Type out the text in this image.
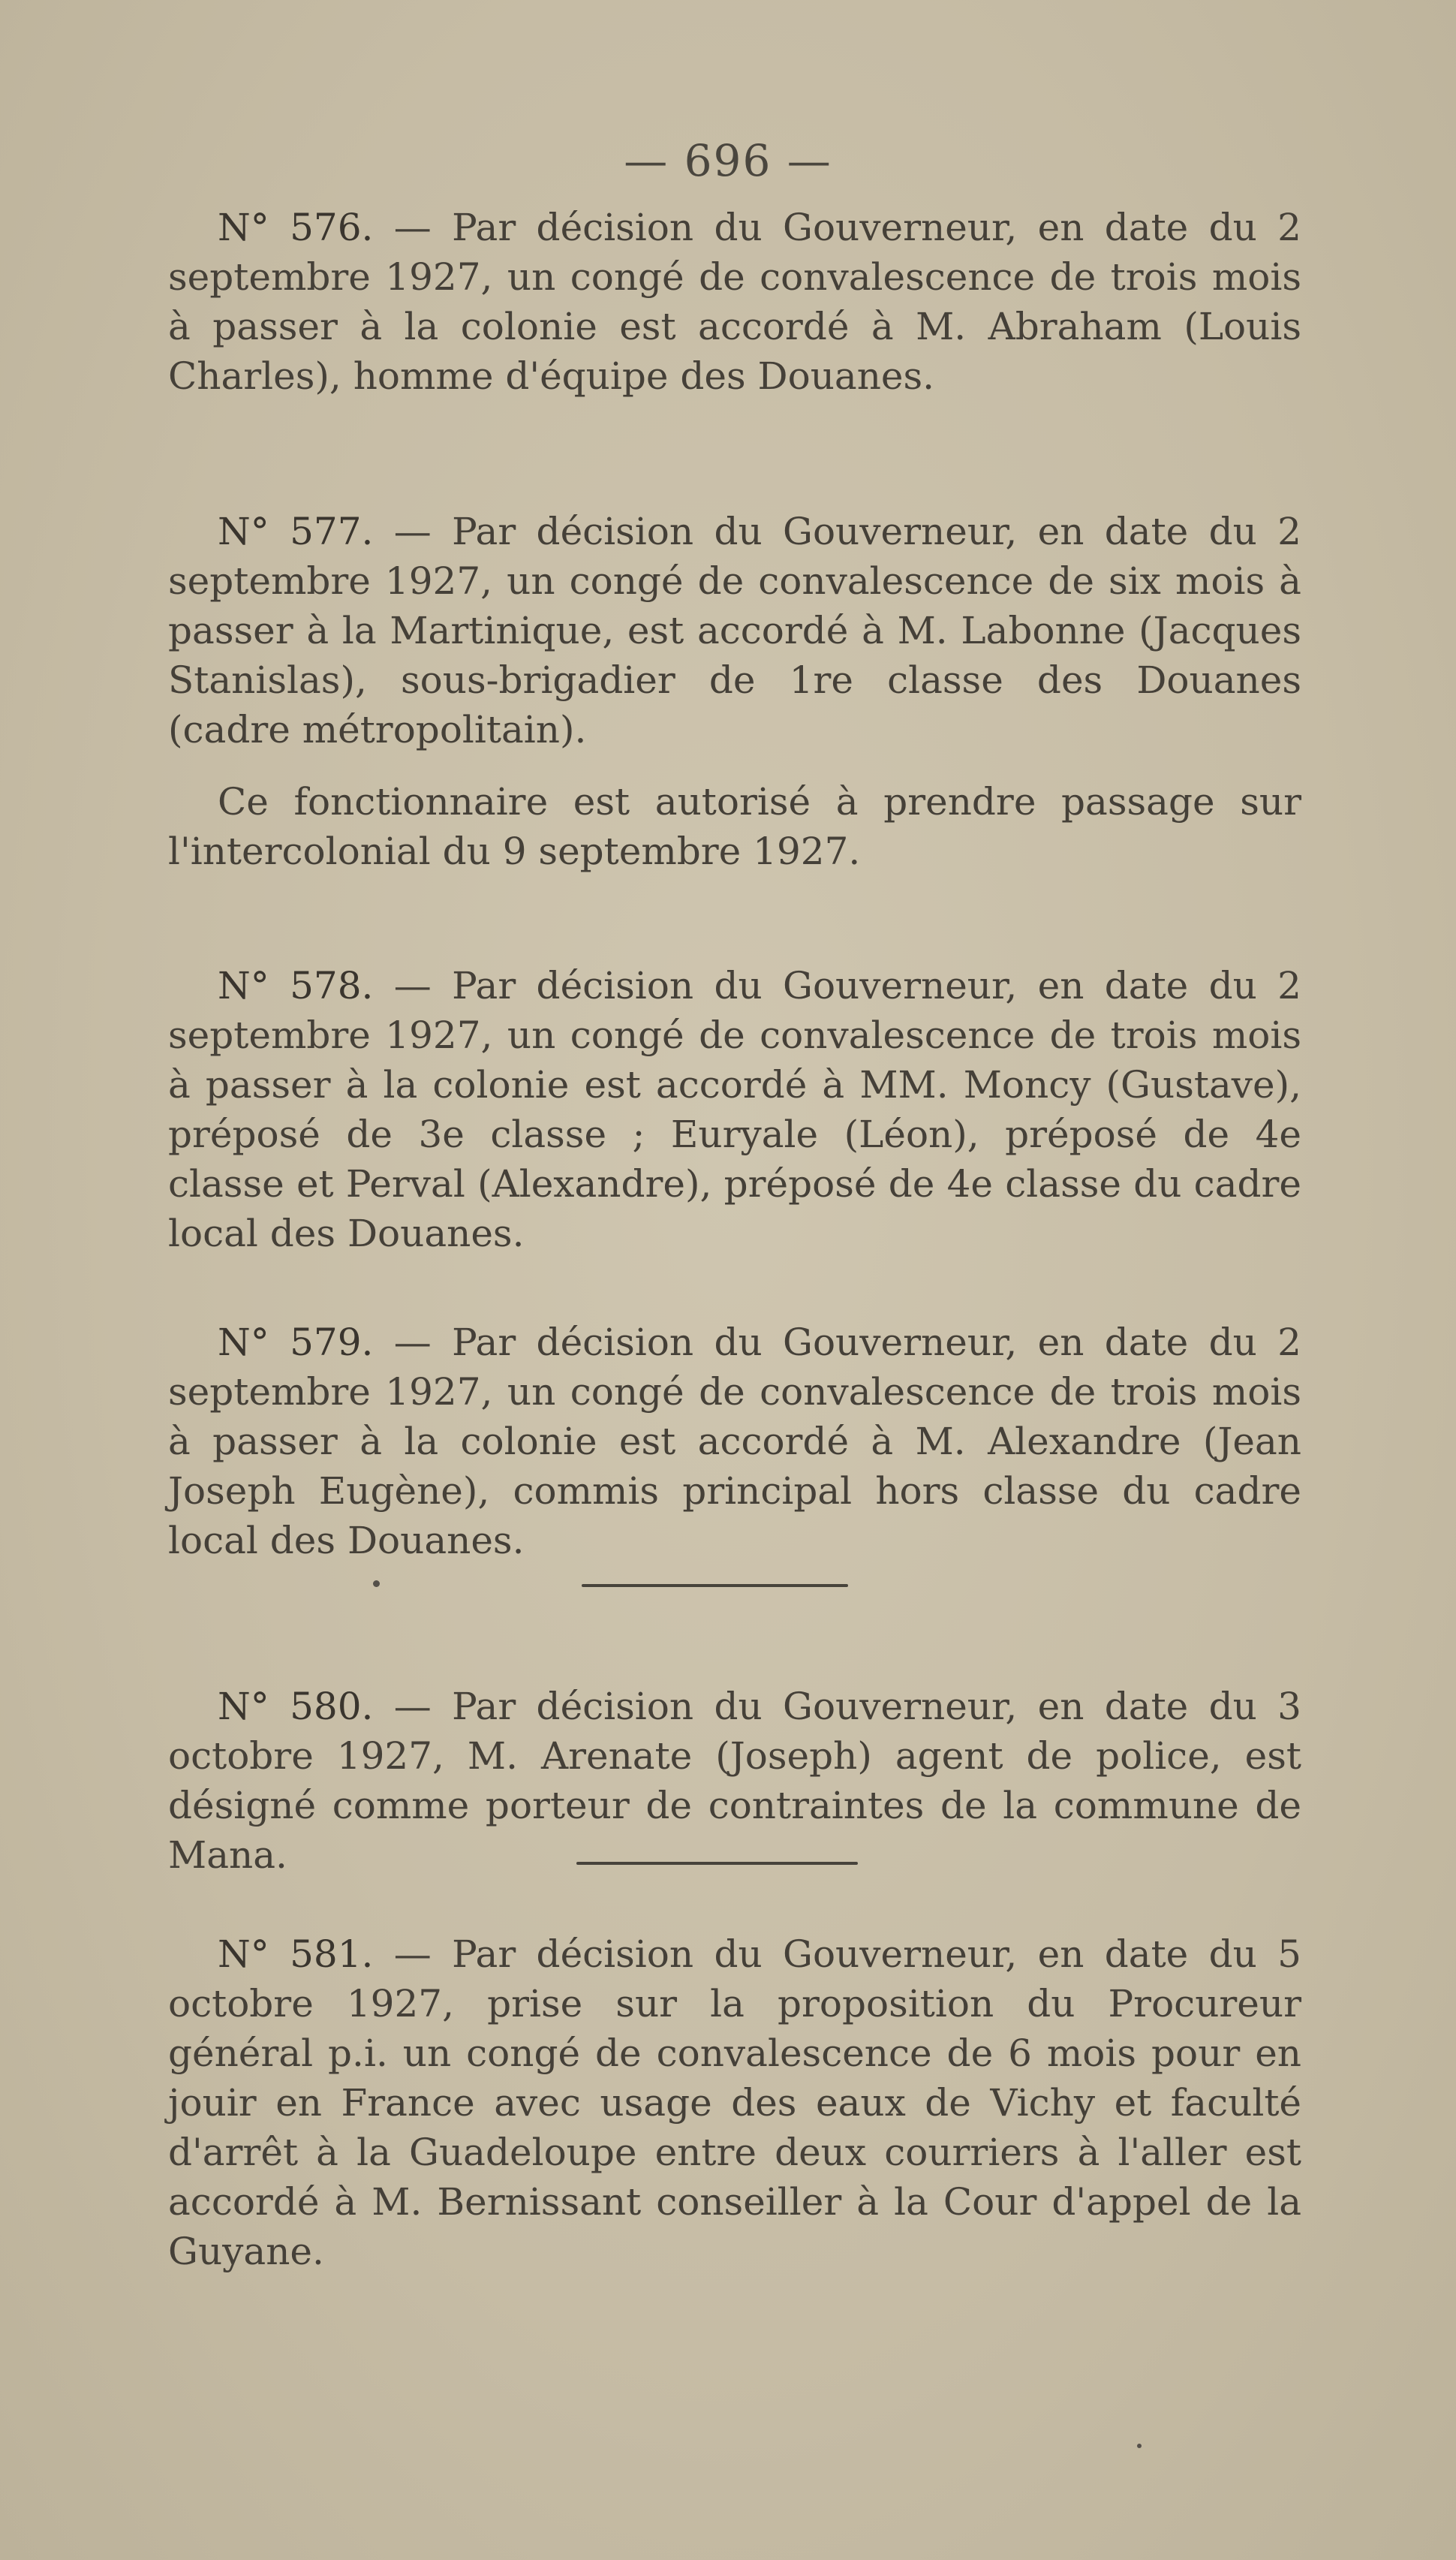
— 696 —

N° 576. — Par décision du Gouverneur, en date du 2 septembre 1927, un congé de convalescence de trois mois à passer à la colonie est accordé à M. Abraham (Louis Charles), homme d'équipe des Douanes.

N° 577. — Par décision du Gouverneur, en date du 2 septembre 1927, un congé de convalescence de six mois à passer à la Martinique, est accordé à M. Labonne (Jacques Stanislas), sous-brigadier de 1re classe des Douanes (cadre métropolitain).

Ce fonctionnaire est autorisé à prendre passage sur l'intercolonial du 9 septembre 1927.

N° 578. — Par décision du Gouverneur, en date du 2 septembre 1927, un congé de convalescence de trois mois à passer à la colonie est accordé à MM. Moncy (Gustave), préposé de 3e classe ; Euryale (Léon), préposé de 4e classe et Perval (Alexandre), préposé de 4e classe du cadre local des Douanes.

N° 579. — Par décision du Gouverneur, en date du 2 septembre 1927, un congé de convalescence de trois mois à passer à la colonie est accordé à M. Alexandre (Jean Joseph Eugène), commis principal hors classe du cadre local des Douanes.

N° 580. — Par décision du Gouverneur, en date du 3 octobre 1927, M. Arenate (Joseph) agent de police, est désigné comme porteur de contraintes de la commune de Mana.

N° 581. — Par décision du Gouverneur, en date du 5 octobre 1927, prise sur la proposition du Procureur général p.i. un congé de convalescence de 6 mois pour en jouir en France avec usage des eaux de Vichy et faculté d'arrêt à la Guadeloupe entre deux courriers à l'aller est accordé à M. Bernissant conseiller à la Cour d'appel de la Guyane.
